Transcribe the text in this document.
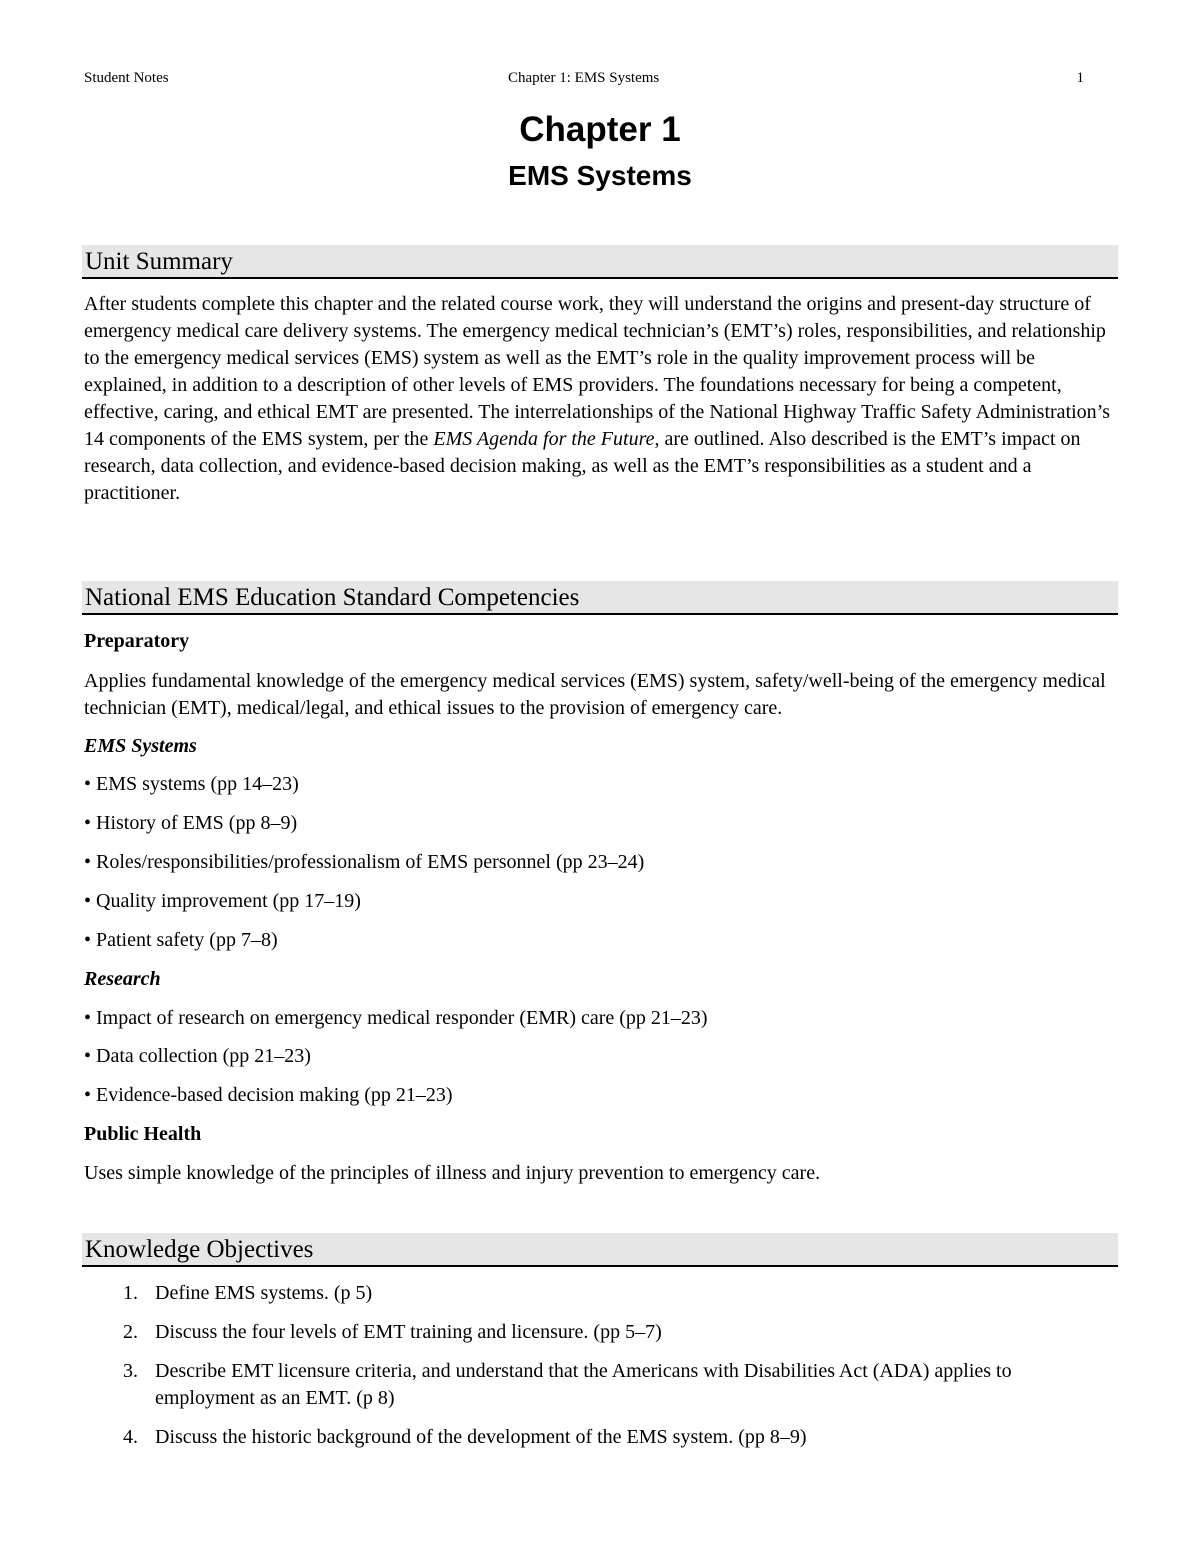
Student Notes	Chapter 1: EMS Systems	1
Chapter 1
EMS Systems
Unit Summary
After students complete this chapter and the related course work, they will understand the origins and present-day structure of emergency medical care delivery systems. The emergency medical technician’s (EMT’s) roles, responsibilities, and relationship to the emergency medical services (EMS) system as well as the EMT’s role in the quality improvement process will be explained, in addition to a description of other levels of EMS providers. The foundations necessary for being a competent, effective, caring, and ethical EMT are presented. The interrelationships of the National Highway Traffic Safety Administration’s 14 components of the EMS system, per the EMS Agenda for the Future, are outlined. Also described is the EMT’s impact on research, data collection, and evidence-based decision making, as well as the EMT’s responsibilities as a student and a practitioner.
National EMS Education Standard Competencies
Preparatory
Applies fundamental knowledge of the emergency medical services (EMS) system, safety/well-being of the emergency medical technician (EMT), medical/legal, and ethical issues to the provision of emergency care.
EMS Systems
• EMS systems (pp 14–23)
• History of EMS (pp 8–9)
• Roles/responsibilities/professionalism of EMS personnel (pp 23–24)
• Quality improvement (pp 17–19)
• Patient safety (pp 7–8)
Research
• Impact of research on emergency medical responder (EMR) care (pp 21–23)
• Data collection (pp 21–23)
• Evidence-based decision making (pp 21–23)
Public Health
Uses simple knowledge of the principles of illness and injury prevention to emergency care.
Knowledge Objectives
1. Define EMS systems. (p 5)
2. Discuss the four levels of EMT training and licensure. (pp 5–7)
3. Describe EMT licensure criteria, and understand that the Americans with Disabilities Act (ADA) applies to employment as an EMT. (p 8)
4. Discuss the historic background of the development of the EMS system. (pp 8–9)
